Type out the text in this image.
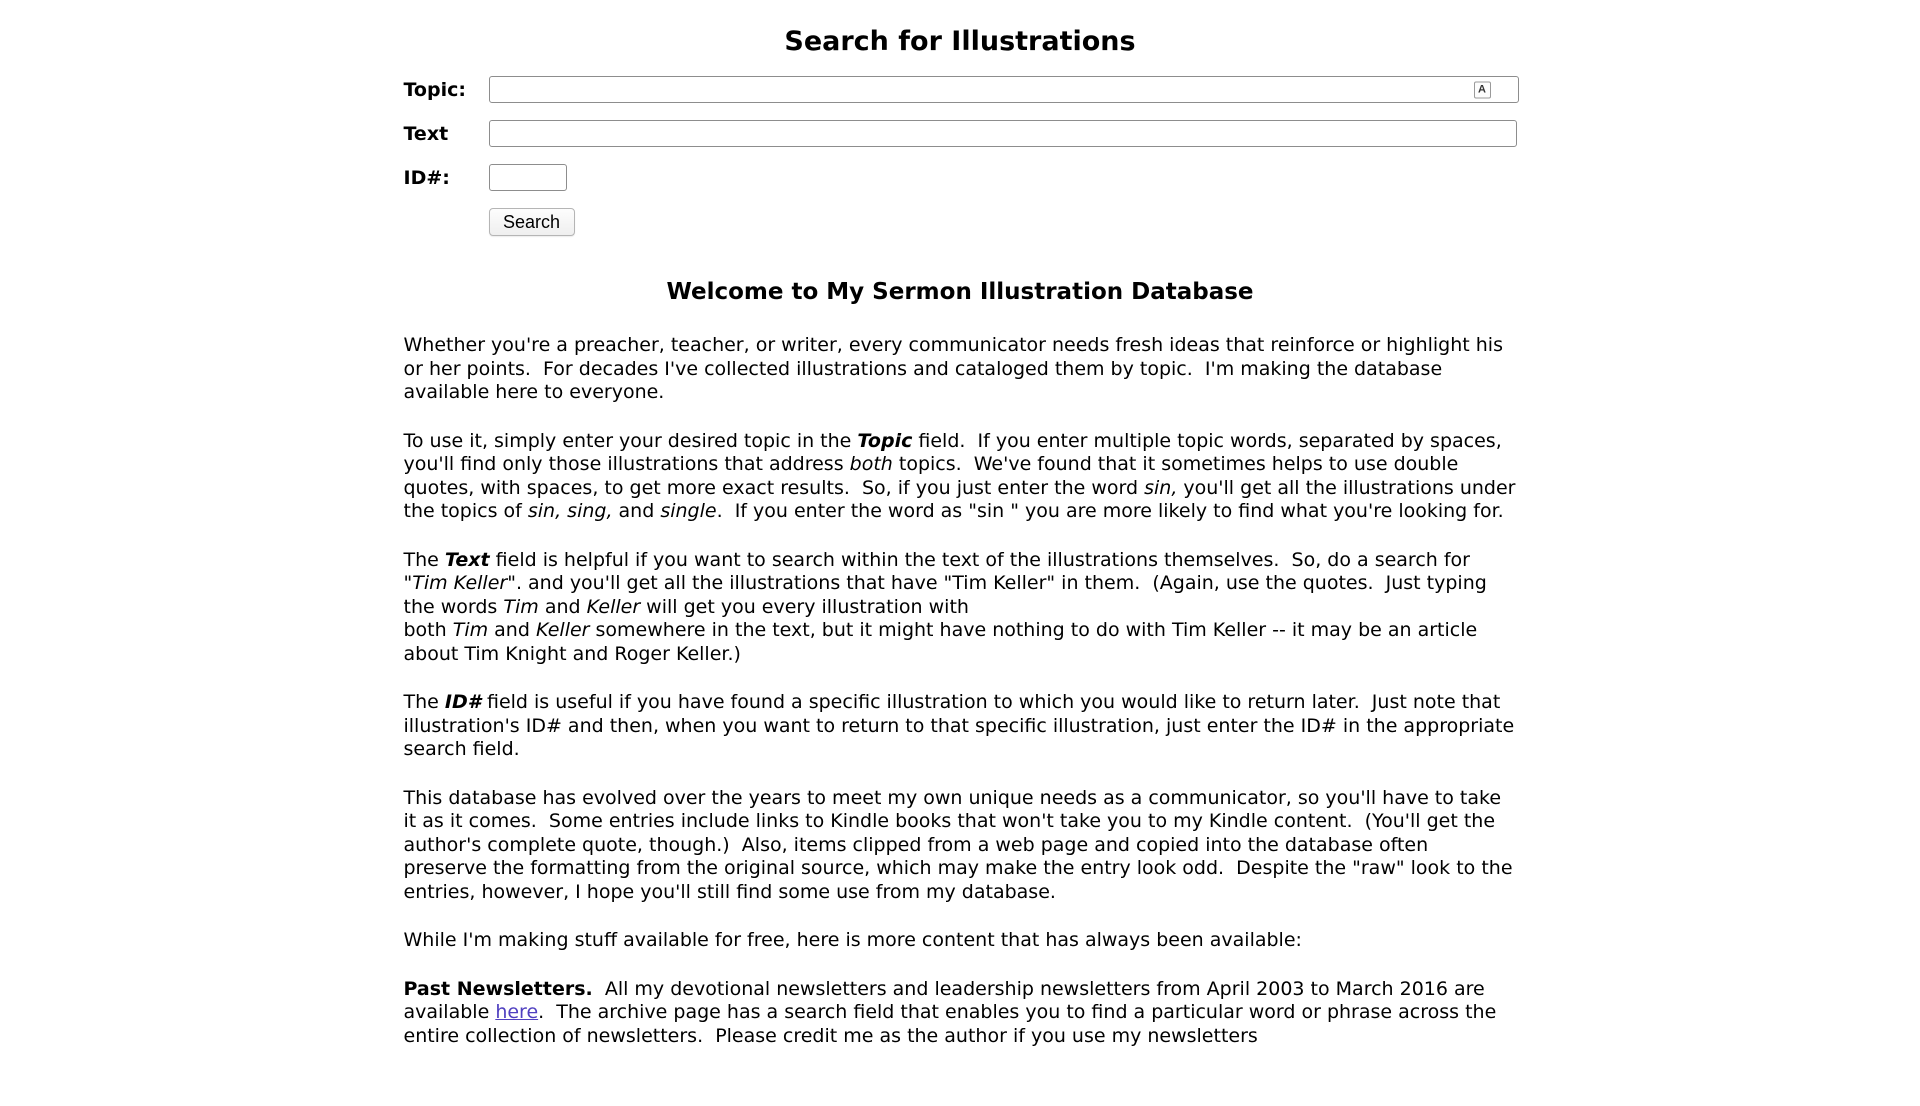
Search for Illustrations
Topic:	A
Text
ID#:
Search
Welcome to My Sermon Illustration Database

Whether you're a preacher, teacher, or writer, every communicator needs fresh ideas that reinforce or highlight his or her points.  For decades I've collected illustrations and cataloged them by topic.  I'm making the database available here to everyone.

To use it, simply enter your desired topic in the Topic field.  If you enter multiple topic words, separated by spaces, you'll find only those illustrations that address both topics.  We've found that it sometimes helps to use double quotes, with spaces, to get more exact results.  So, if you just enter the word sin, you'll get all the illustrations under the topics of sin, sing, and single.  If you enter the word as "sin " you are more likely to find what you're looking for.

The Text field is helpful if you want to search within the text of the illustrations themselves.  So, do a search for "Tim Keller". and you'll get all the illustrations that have "Tim Keller" in them.  (Again, use the quotes.  Just typing the words Tim and Keller will get you every illustration with
both Tim and Keller somewhere in the text, but it might have nothing to do with Tim Keller -- it may be an article about Tim Knight and Roger Keller.)

The ID# field is useful if you have found a specific illustration to which you would like to return later.  Just note that illustration's ID# and then, when you want to return to that specific illustration, just enter the ID# in the appropriate search field.

This database has evolved over the years to meet my own unique needs as a communicator, so you'll have to take it as it comes.  Some entries include links to Kindle books that won't take you to my Kindle content.  (You'll get the author's complete quote, though.)  Also, items clipped from a web page and copied into the database often preserve the formatting from the original source, which may make the entry look odd.  Despite the "raw" look to the entries, however, I hope you'll still find some use from my database.

While I'm making stuff available for free, here is more content that has always been available:

Past Newsletters.  All my devotional newsletters and leadership newsletters from April 2003 to March 2016 are available here.  The archive page has a search field that enables you to find a particular word or phrase across the entire collection of newsletters.  Please credit me as the author if you use my newsletters
